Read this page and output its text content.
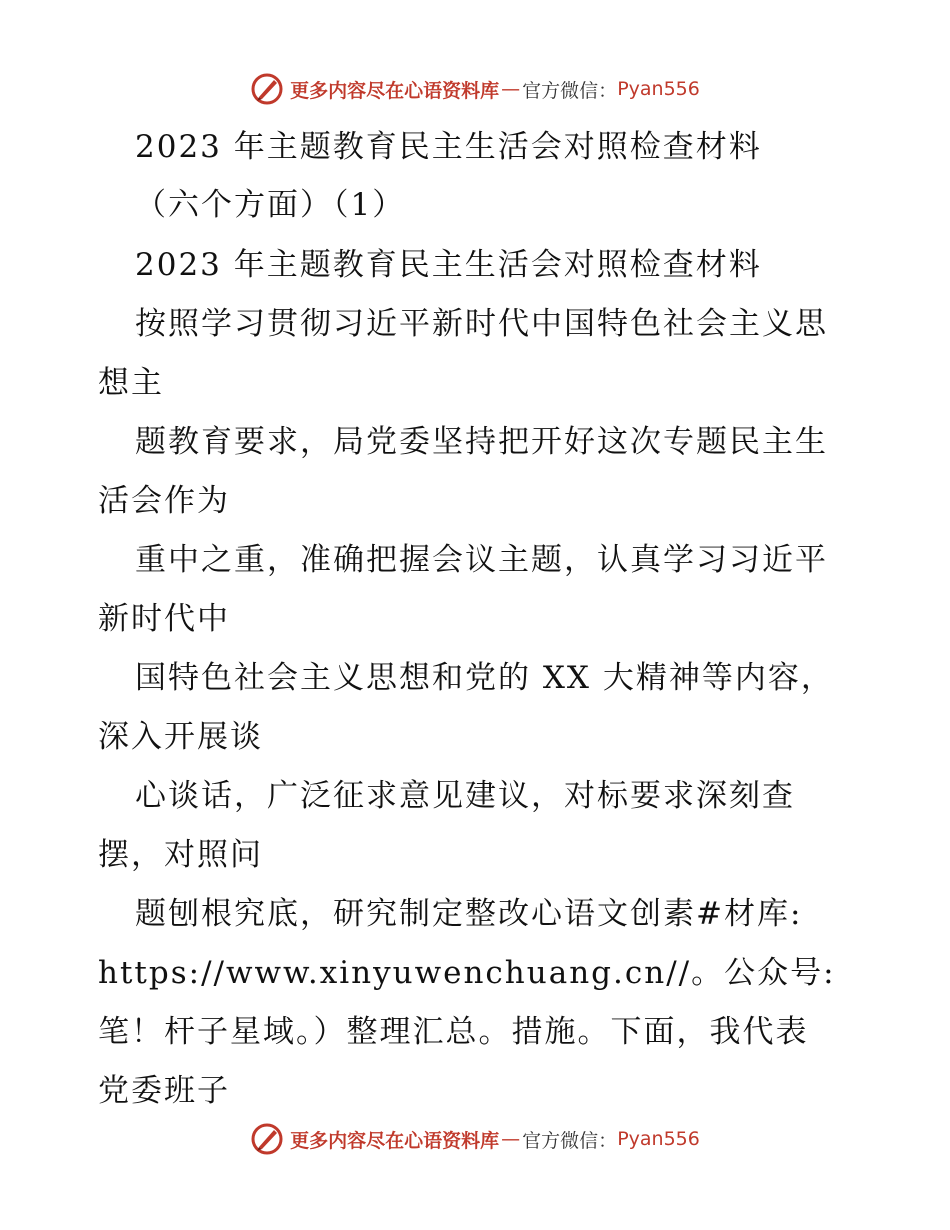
更多内容尽在心语资料库 — 官方微信： Pyan556
2023 年主题教育民主生活会对照检查材料
（六个方面）（1）
2023 年主题教育民主生活会对照检查材料
按照学习贯彻习近平新时代中国特色社会主义思
想主
题教育要求，局党委坚持把开好这次专题民主生
活会作为
重中之重，准确把握会议主题，认真学习习近平
新时代中
国特色社会主义思想和党的 XX 大精神等内容，
深入开展谈
心谈话，广泛征求意见建议，对标要求深刻查
摆，对照问
题刨根究底，研究制定整改心语文创素#材库:
https://www.xinyuwenchuang.cn//。公众号:
笔！杆子星域。）整理汇总。措施。下面，我代表
党委班子
更多内容尽在心语资料库 — 官方微信： Pyan556
